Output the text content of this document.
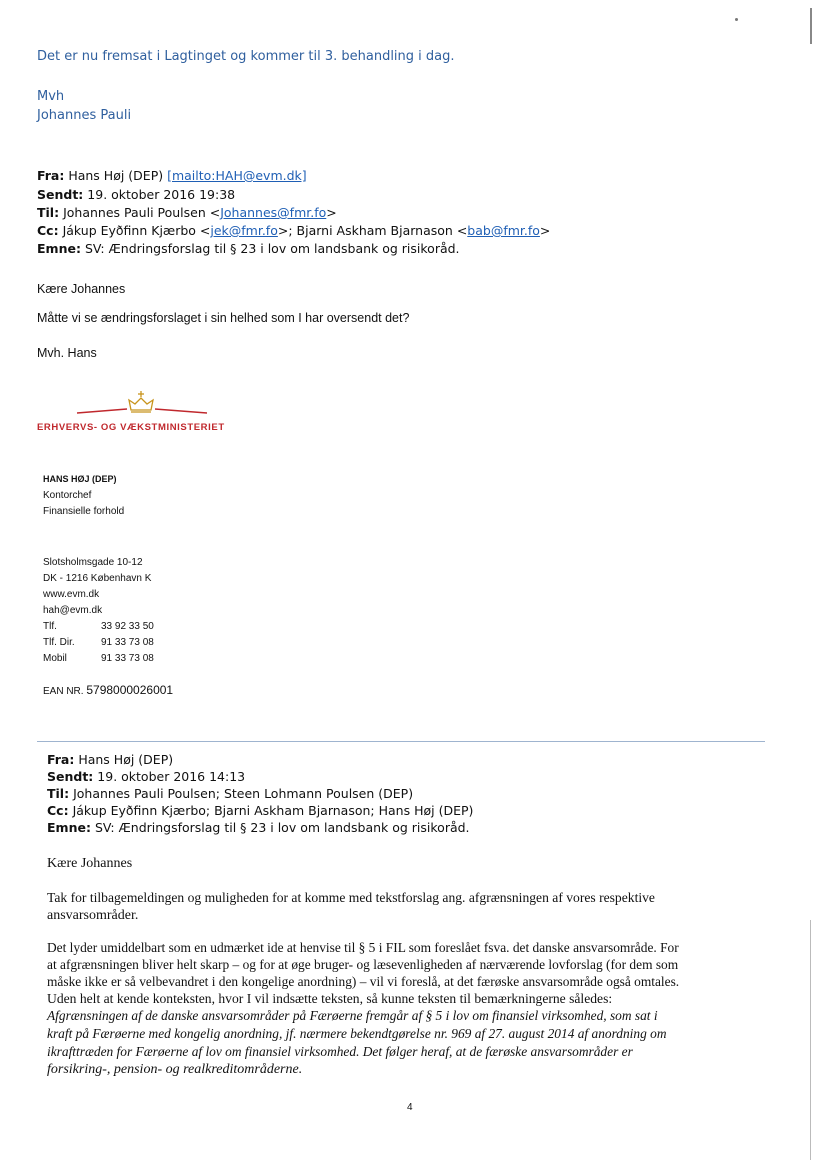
Det er nu fremsat i Lagtinget og kommer til 3. behandling i dag.
Mvh
Johannes Pauli
Fra: Hans Høj (DEP) [mailto:HAH@evm.dk]
Sendt: 19. oktober 2016 19:38
Til: Johannes Pauli Poulsen <Johannes@fmr.fo>
Cc: Jákup Eyðfinn Kjærbo <jek@fmr.fo>; Bjarni Askham Bjarnason <bab@fmr.fo>
Emne: SV: Ændringsforslag til § 23 i lov om landsbank og risikoråd.
Kære Johannes
Måtte vi se ændringsforslaget i sin helhed som I har oversendt det?
Mvh. Hans
ERHVERVS- OG VÆKSTMINISTERIET
HANS HØJ (DEP)
Kontorchef
Finansielle forhold
Slotsholmsgade 10-12
DK - 1216 København K
www.evm.dk
hah@evm.dk
Tlf.	33 92 33 50
Tlf. Dir.	91 33 73 08
Mobil	91 33 73 08
EAN NR. 5798000026001
Fra: Hans Høj (DEP)
Sendt: 19. oktober 2016 14:13
Til: Johannes Pauli Poulsen; Steen Lohmann Poulsen (DEP)
Cc: Jákup Eyðfinn Kjærbo; Bjarni Askham Bjarnason; Hans Høj (DEP)
Emne: SV: Ændringsforslag til § 23 i lov om landsbank og risikoråd.
Kære Johannes
Tak for tilbagemeldingen og muligheden for at komme med tekstforslag ang. afgrænsningen af vores respektive
ansvarsområder.
Det lyder umiddelbart som en udmærket ide at henvise til § 5 i FIL som foreslået fsva. det danske ansvarsområde. For
at afgrænsningen bliver helt skarp – og for at øge bruger- og læsevenligheden af nærværende lovforslag (for dem som
måske ikke er så velbevandret i den kongelige anordning) – vil vi foreslå, at det færøske ansvarsområde også omtales.
Uden helt at kende konteksten, hvor I vil indsætte teksten, så kunne teksten til bemærkningerne således:
Afgrænsningen af de danske ansvarsområder på Færøerne fremgår af § 5 i lov om finansiel virksomhed, som sat i
kraft på Færøerne med kongelig anordning, jf. nærmere bekendtgørelse nr. 969 af 27. august 2014 af anordning om
ikrafttræden for Færøerne af lov om finansiel virksomhed. Det følger heraf, at de færøske ansvarsområder er
forsikring-, pension- og realkreditområderne.
4
